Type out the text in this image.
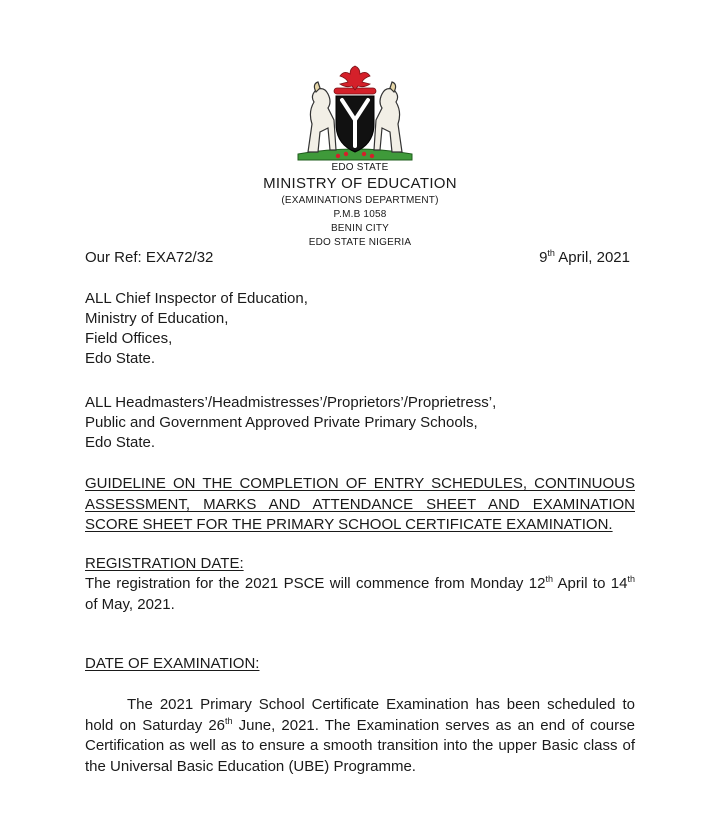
EDO STATE
MINISTRY OF EDUCATION
(EXAMINATIONS DEPARTMENT)
P.M.B 1058
BENIN CITY
EDO STATE NIGERIA
Our Ref: EXA72/32	9th April, 2021
ALL Chief Inspector of Education,
Ministry of Education,
Field Offices,
Edo State.
ALL Headmasters’/Headmistresses’/Proprietors’/Proprietress’,
Public and Government Approved Private Primary Schools,
Edo State.
GUIDELINE ON THE COMPLETION OF ENTRY SCHEDULES, CONTINUOUS ASSESSMENT, MARKS AND ATTENDANCE SHEET AND EXAMINATION SCORE SHEET FOR THE PRIMARY SCHOOL CERTIFICATE EXAMINATION.
REGISTRATION DATE:
The registration for the 2021 PSCE will commence from Monday 12th April to 14th of May, 2021.
DATE OF EXAMINATION:
The 2021 Primary School Certificate Examination has been scheduled to hold on Saturday 26th June, 2021. The Examination serves as an end of course Certification as well as to ensure a smooth transition into the upper Basic class of the Universal Basic Education (UBE) Programme.
